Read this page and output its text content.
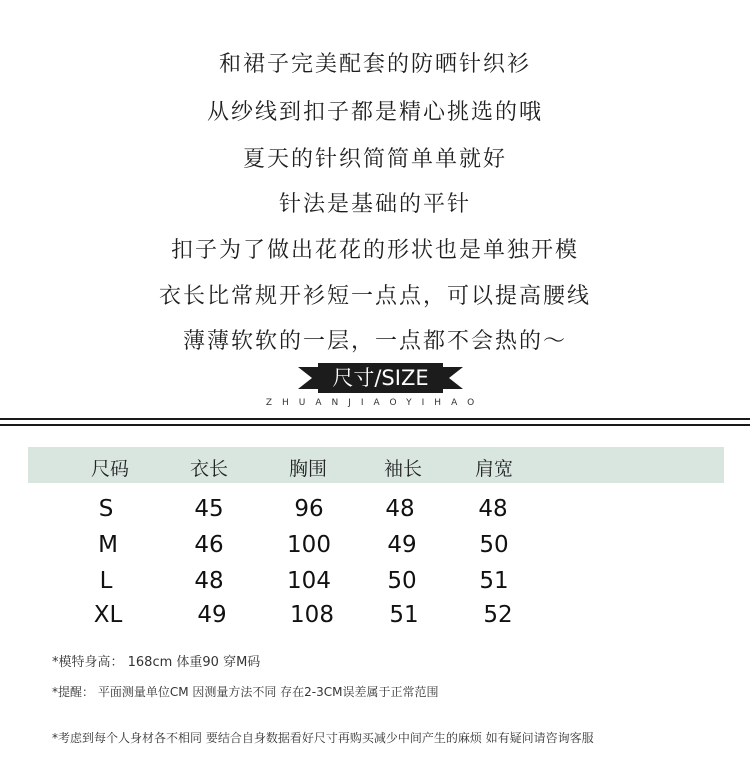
和裙子完美配套的防晒针织衫
从纱线到扣子都是精心挑选的哦
夏天的针织简简单单就好
针法是基础的平针
扣子为了做出花花的形状也是单独开模
衣长比常规开衫短一点点，可以提高腰线
薄薄软软的一层，一点都不会热的～
尺寸/SIZE
ZHUANJIAOYIHAO
尺码	衣长	胸围	袖长	肩宽
S	45	96	48	48
M	46	100	49	50
L	48	104	50	51
XL	49	108	51	52
*模特身高： 168cm 体重90 穿M码
*提醒： 平面测量单位CM 因测量方法不同 存在2-3CM误差属于正常范围
*考虑到每个人身材各不相同 要结合自身数据看好尺寸再购买减少中间产生的麻烦 如有疑问请咨询客服
